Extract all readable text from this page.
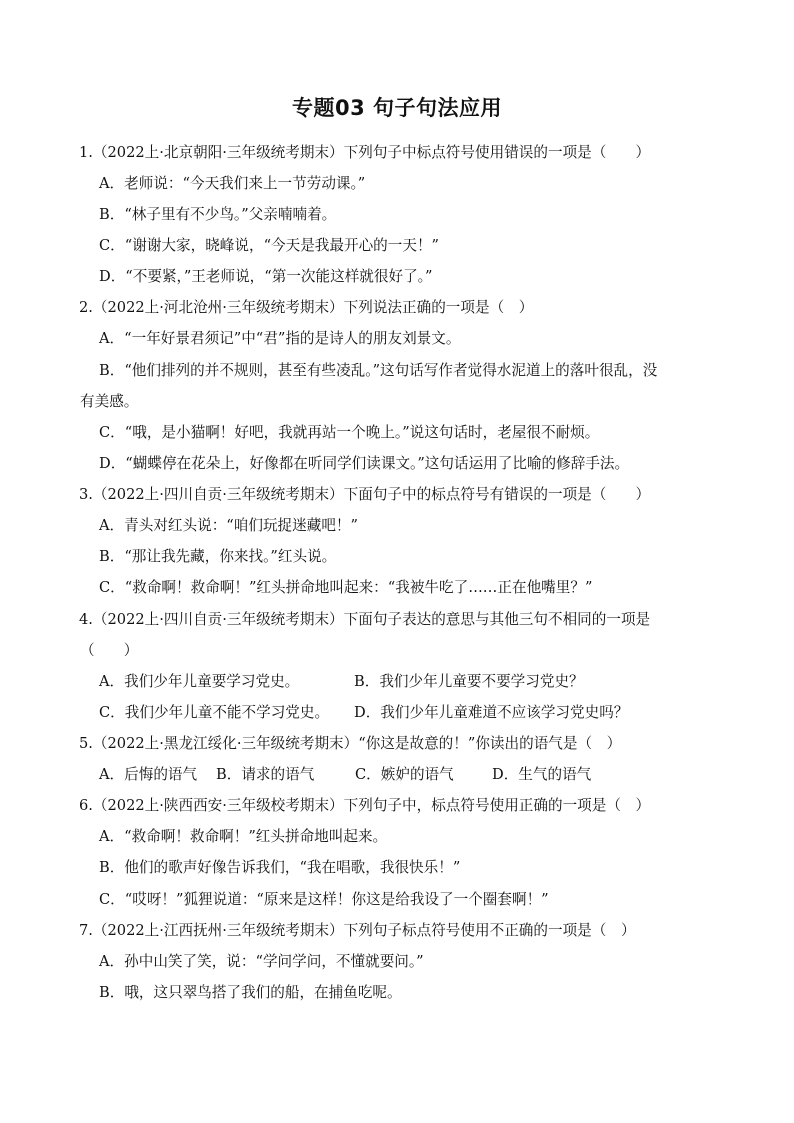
专题03 句子句法应用
1.（2022上·北京朝阳·三年级统考期末）下列句子中标点符号使用错误的一项是（　　）
A．老师说：“今天我们来上一节劳动课。”
B．“林子里有不少鸟。”父亲喃喃着。
C．“谢谢大家，晓峰说，“今天是我最开心的一天！”
D．“不要紧，”王老师说，“第一次能这样就很好了。”
2.（2022上·河北沧州·三年级统考期末）下列说法正确的一项是（　）
A．“一年好景君须记”中“君”指的是诗人的朋友刘景文。
B．“他们排列的并不规则，甚至有些凌乱。”这句话写作者觉得水泥道上的落叶很乱，没
有美感。
C．“哦，是小猫啊！好吧，我就再站一个晚上。”说这句话时，老屋很不耐烦。
D．“蝴蝶停在花朵上，好像都在听同学们读课文。”这句话运用了比喻的修辞手法。
3.（2022上·四川自贡·三年级统考期末）下面句子中的标点符号有错误的一项是（　　）
A．青头对红头说：“咱们玩捉迷藏吧！”
B．“那让我先藏，你来找。”红头说。
C．“救命啊！救命啊！”红头拼命地叫起来：“我被牛吃了……正在他嘴里？”
4.（2022上·四川自贡·三年级统考期末）下面句子表达的意思与其他三句不相同的一项是
（　　）
A．我们少年儿童要学习党史。	B．我们少年儿童要不要学习党史？
C．我们少年儿童不能不学习党史。 D．我们少年儿童难道不应该学习党史吗？
5.（2022上·黑龙江绥化·三年级统考期末）“你这是故意的！”你读出的语气是（　）
A．后悔的语气 B．请求的语气	C．嫉妒的语气	D．生气的语气
6.（2022上·陕西西安·三年级校考期末）下列句子中，标点符号使用正确的一项是（　）
A．“救命啊！救命啊！”红头拼命地叫起来。
B．他们的歌声好像告诉我们，“我在唱歌，我很快乐！”
C．“哎呀！”狐狸说道：“原来是这样！你这是给我设了一个圈套啊！”
7.（2022上·江西抚州·三年级统考期末）下列句子标点符号使用不正确的一项是（　）
A．孙中山笑了笑，说：“学问学问，不懂就要问。”
B．哦，这只翠鸟搭了我们的船，在捕鱼吃呢。
